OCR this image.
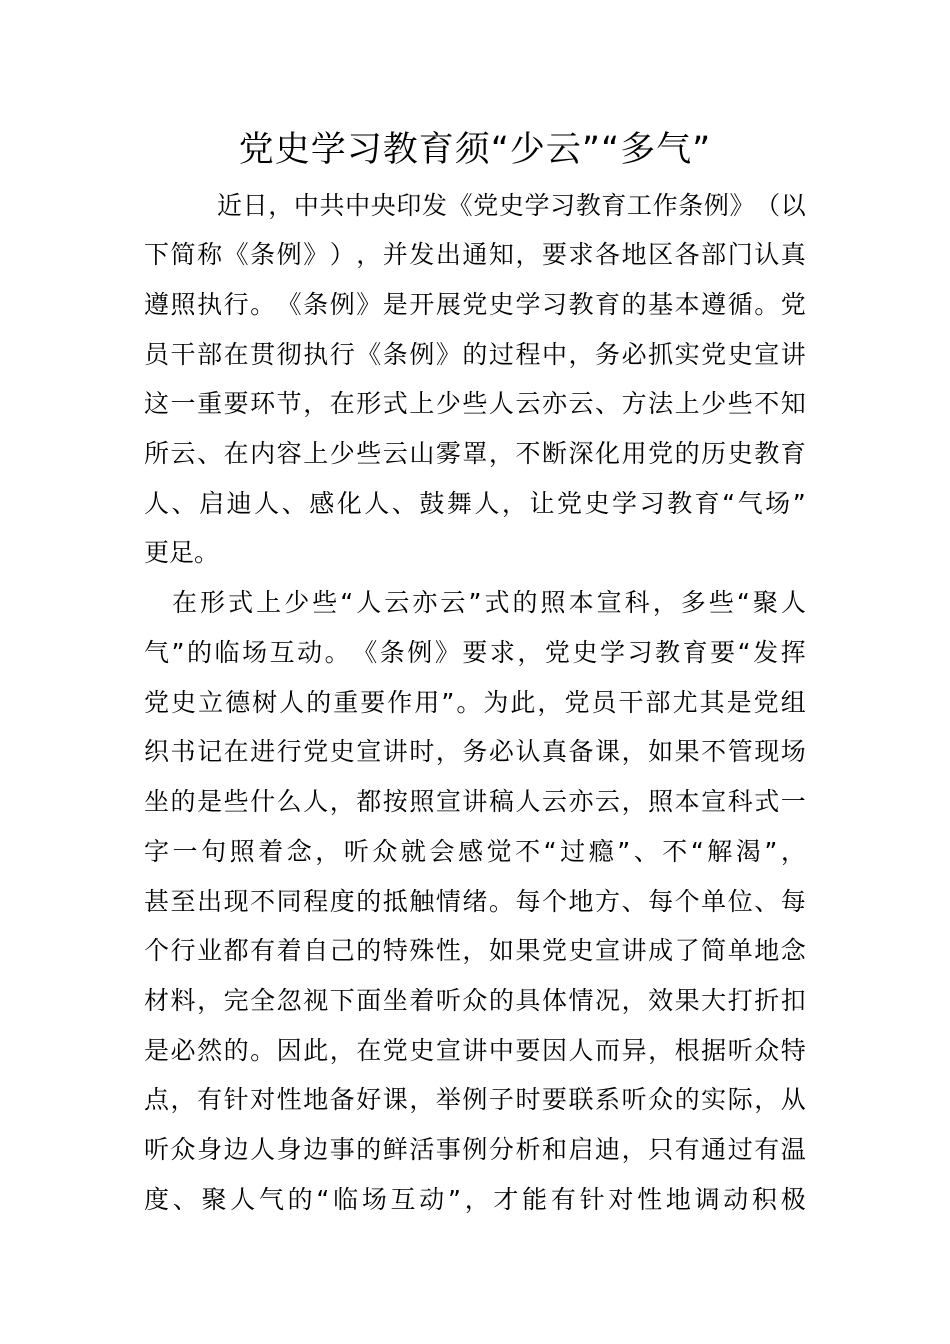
党史学习教育须“少云”“多气”
近 日 ， 中 共 中 央 印 发 《 党 史 学 习 教 育 工 作 条 例 》 （ 以
下 简 称 《 条 例 》 ） ， 并 发 出 通 知 ， 要 求 各 地 区 各 部 门 认 真
遵 照 执 行 。 《 条 例 》 是 开 展 党 史 学 习 教 育 的 基 本 遵 循 。 党
员 干 部 在 贯 彻 执 行 《 条 例 》 的 过 程 中 ， 务 必 抓 实 党 史 宣 讲
这 一 重 要 环 节 ， 在 形 式 上 少 些 人 云 亦 云 、 方 法 上 少 些 不 知
所 云 、 在 内 容 上 少 些 云 山 雾 罩 ， 不 断 深 化 用 党 的 历 史 教 育
人 、 启 迪 人 、 感 化 人 、 鼓 舞 人 ， 让 党 史 学 习 教 育 “ 气 场 ”
更足。
在 形 式 上 少 些 “ 人 云 亦 云 ” 式 的 照 本 宣 科 ， 多 些 “ 聚 人
气 ” 的 临 场 互 动 。 《 条 例 》 要 求 ， 党 史 学 习 教 育 要 “ 发 挥
党 史 立 德 树 人 的 重 要 作 用 ” 。 为 此 ， 党 员 干 部 尤 其 是 党 组
织 书 记 在 进 行 党 史 宣 讲 时 ， 务 必 认 真 备 课 ， 如 果 不 管 现 场
坐 的 是 些 什 么 人 ， 都 按 照 宣 讲 稿 人 云 亦 云 ， 照 本 宣 科 式 一
字 一 句 照 着 念 ， 听 众 就 会 感 觉 不 “ 过 瘾 ” 、 不 “ 解 渴 ” ，
甚 至 出 现 不 同 程 度 的 抵 触 情 绪 。 每 个 地 方 、 每 个 单 位 、 每
个 行 业 都 有 着 自 己 的 特 殊 性 ， 如 果 党 史 宣 讲 成 了 简 单 地 念
材 料 ， 完 全 忽 视 下 面 坐 着 听 众 的 具 体 情 况 ， 效 果 大 打 折 扣
是 必 然 的 。 因 此 ， 在 党 史 宣 讲 中 要 因 人 而 异 ， 根 据 听 众 特
点 ， 有 针 对 性 地 备 好 课 ， 举 例 子 时 要 联 系 听 众 的 实 际 ， 从
听 众 身 边 人 身 边 事 的 鲜 活 事 例 分 析 和 启 迪 ， 只 有 通 过 有 温
度 、 聚 人 气 的 “ 临 场 互 动 ” ， 才 能 有 针 对 性 地 调 动 积 极
